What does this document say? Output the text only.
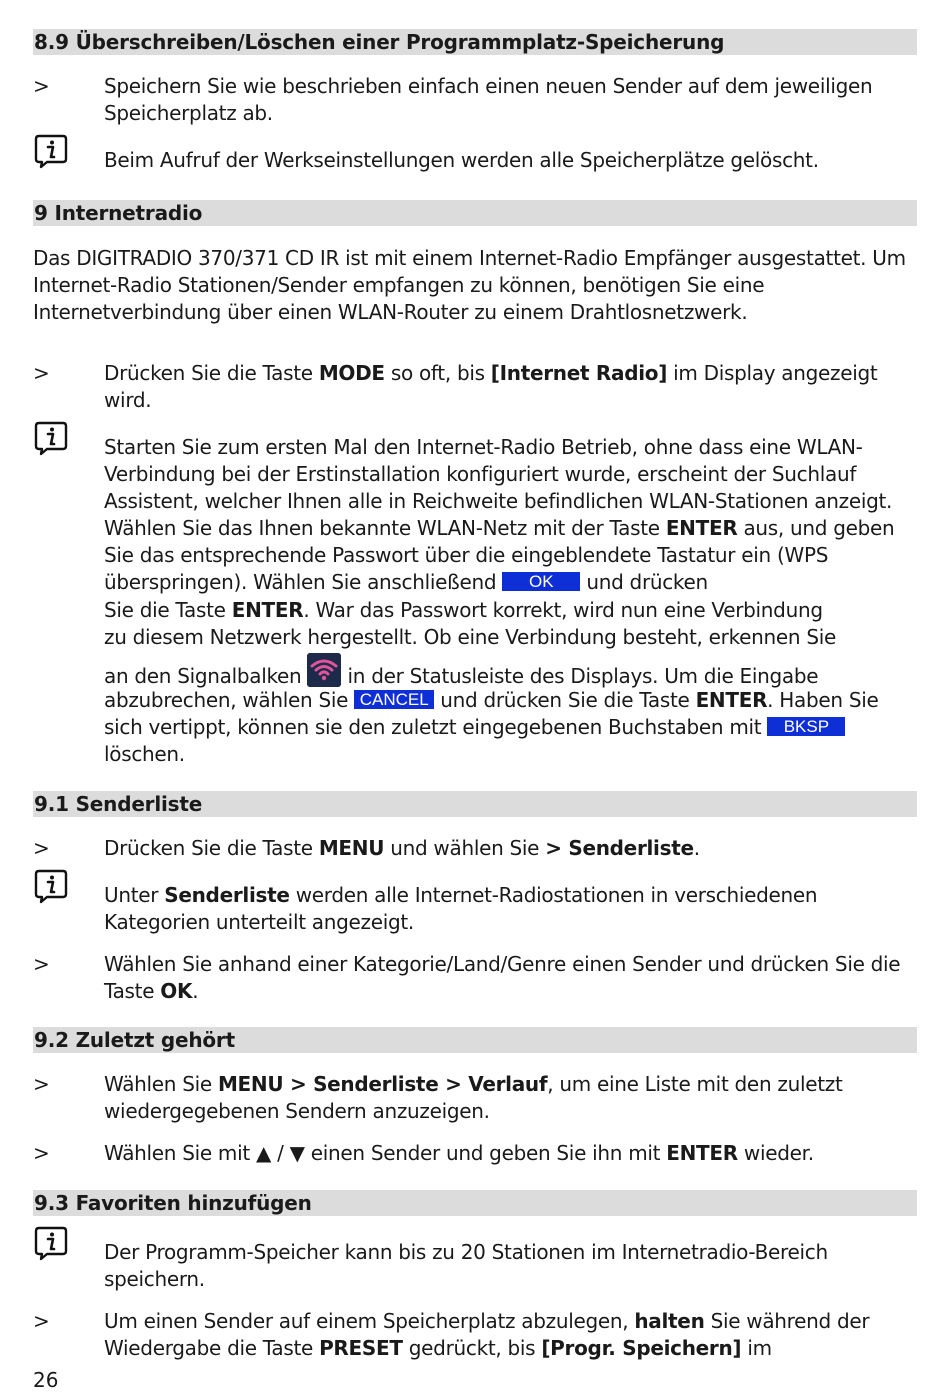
8.9 Überschreiben/Löschen einer Programmplatz-Speicherung
>	Speichern Sie wie beschrieben einfach einen neuen Sender auf dem jeweiligen Speicherplatz ab.
Beim Aufruf der Werkseinstellungen werden alle Speicherplätze gelöscht.
9 Internetradio
Das DIGITRADIO 370/371 CD IR ist mit einem Internet-Radio Empfänger ausgestattet. Um Internet-Radio Stationen/Sender empfangen zu können, benötigen Sie eine Internetverbindung über einen WLAN-Router zu einem Drahtlosnetzwerk.
>	Drücken Sie die Taste MODE so oft, bis [Internet Radio] im Display angezeigt wird.
Starten Sie zum ersten Mal den Internet-Radio Betrieb, ohne dass eine WLAN-Verbindung bei der Erstinstallation konfiguriert wurde, erscheint der Suchlauf Assistent, welcher Ihnen alle in Reichweite befindlichen WLAN-Stationen anzeigt. Wählen Sie das Ihnen bekannte WLAN-Netz mit der Taste ENTER aus, und geben Sie das entsprechende Passwort über die eingeblendete Tastatur ein (WPS überspringen). Wählen Sie anschließend OK und drücken
Sie die Taste ENTER. War das Passwort korrekt, wird nun eine Verbindung
zu diesem Netzwerk hergestellt. Ob eine Verbindung besteht, erkennen Sie
an den Signalbalken  in der Statusleiste des Displays. Um die Eingabe
abzubrechen, wählen Sie CANCEL und drücken Sie die Taste ENTER. Haben Sie
sich vertippt, können sie den zuletzt eingegebenen Buchstaben mit BKSP
löschen.
9.1 Senderliste
>	Drücken Sie die Taste MENU und wählen Sie > Senderliste.
Unter Senderliste werden alle Internet-Radiostationen in verschiedenen Kategorien unterteilt angezeigt.
>	Wählen Sie anhand einer Kategorie/Land/Genre einen Sender und drücken Sie die Taste OK.
9.2 Zuletzt gehört
>	Wählen Sie MENU > Senderliste > Verlauf, um eine Liste mit den zuletzt wiedergegebenen Sendern anzuzeigen.
>	Wählen Sie mit ▲ / ▼ einen Sender und geben Sie ihn mit ENTER wieder.
9.3 Favoriten hinzufügen
Der Programm-Speicher kann bis zu 20 Stationen im Internetradio-Bereich speichern.
>	Um einen Sender auf einem Speicherplatz abzulegen, halten Sie während der Wiedergabe die Taste PRESET gedrückt, bis [Progr. Speichern] im
26
